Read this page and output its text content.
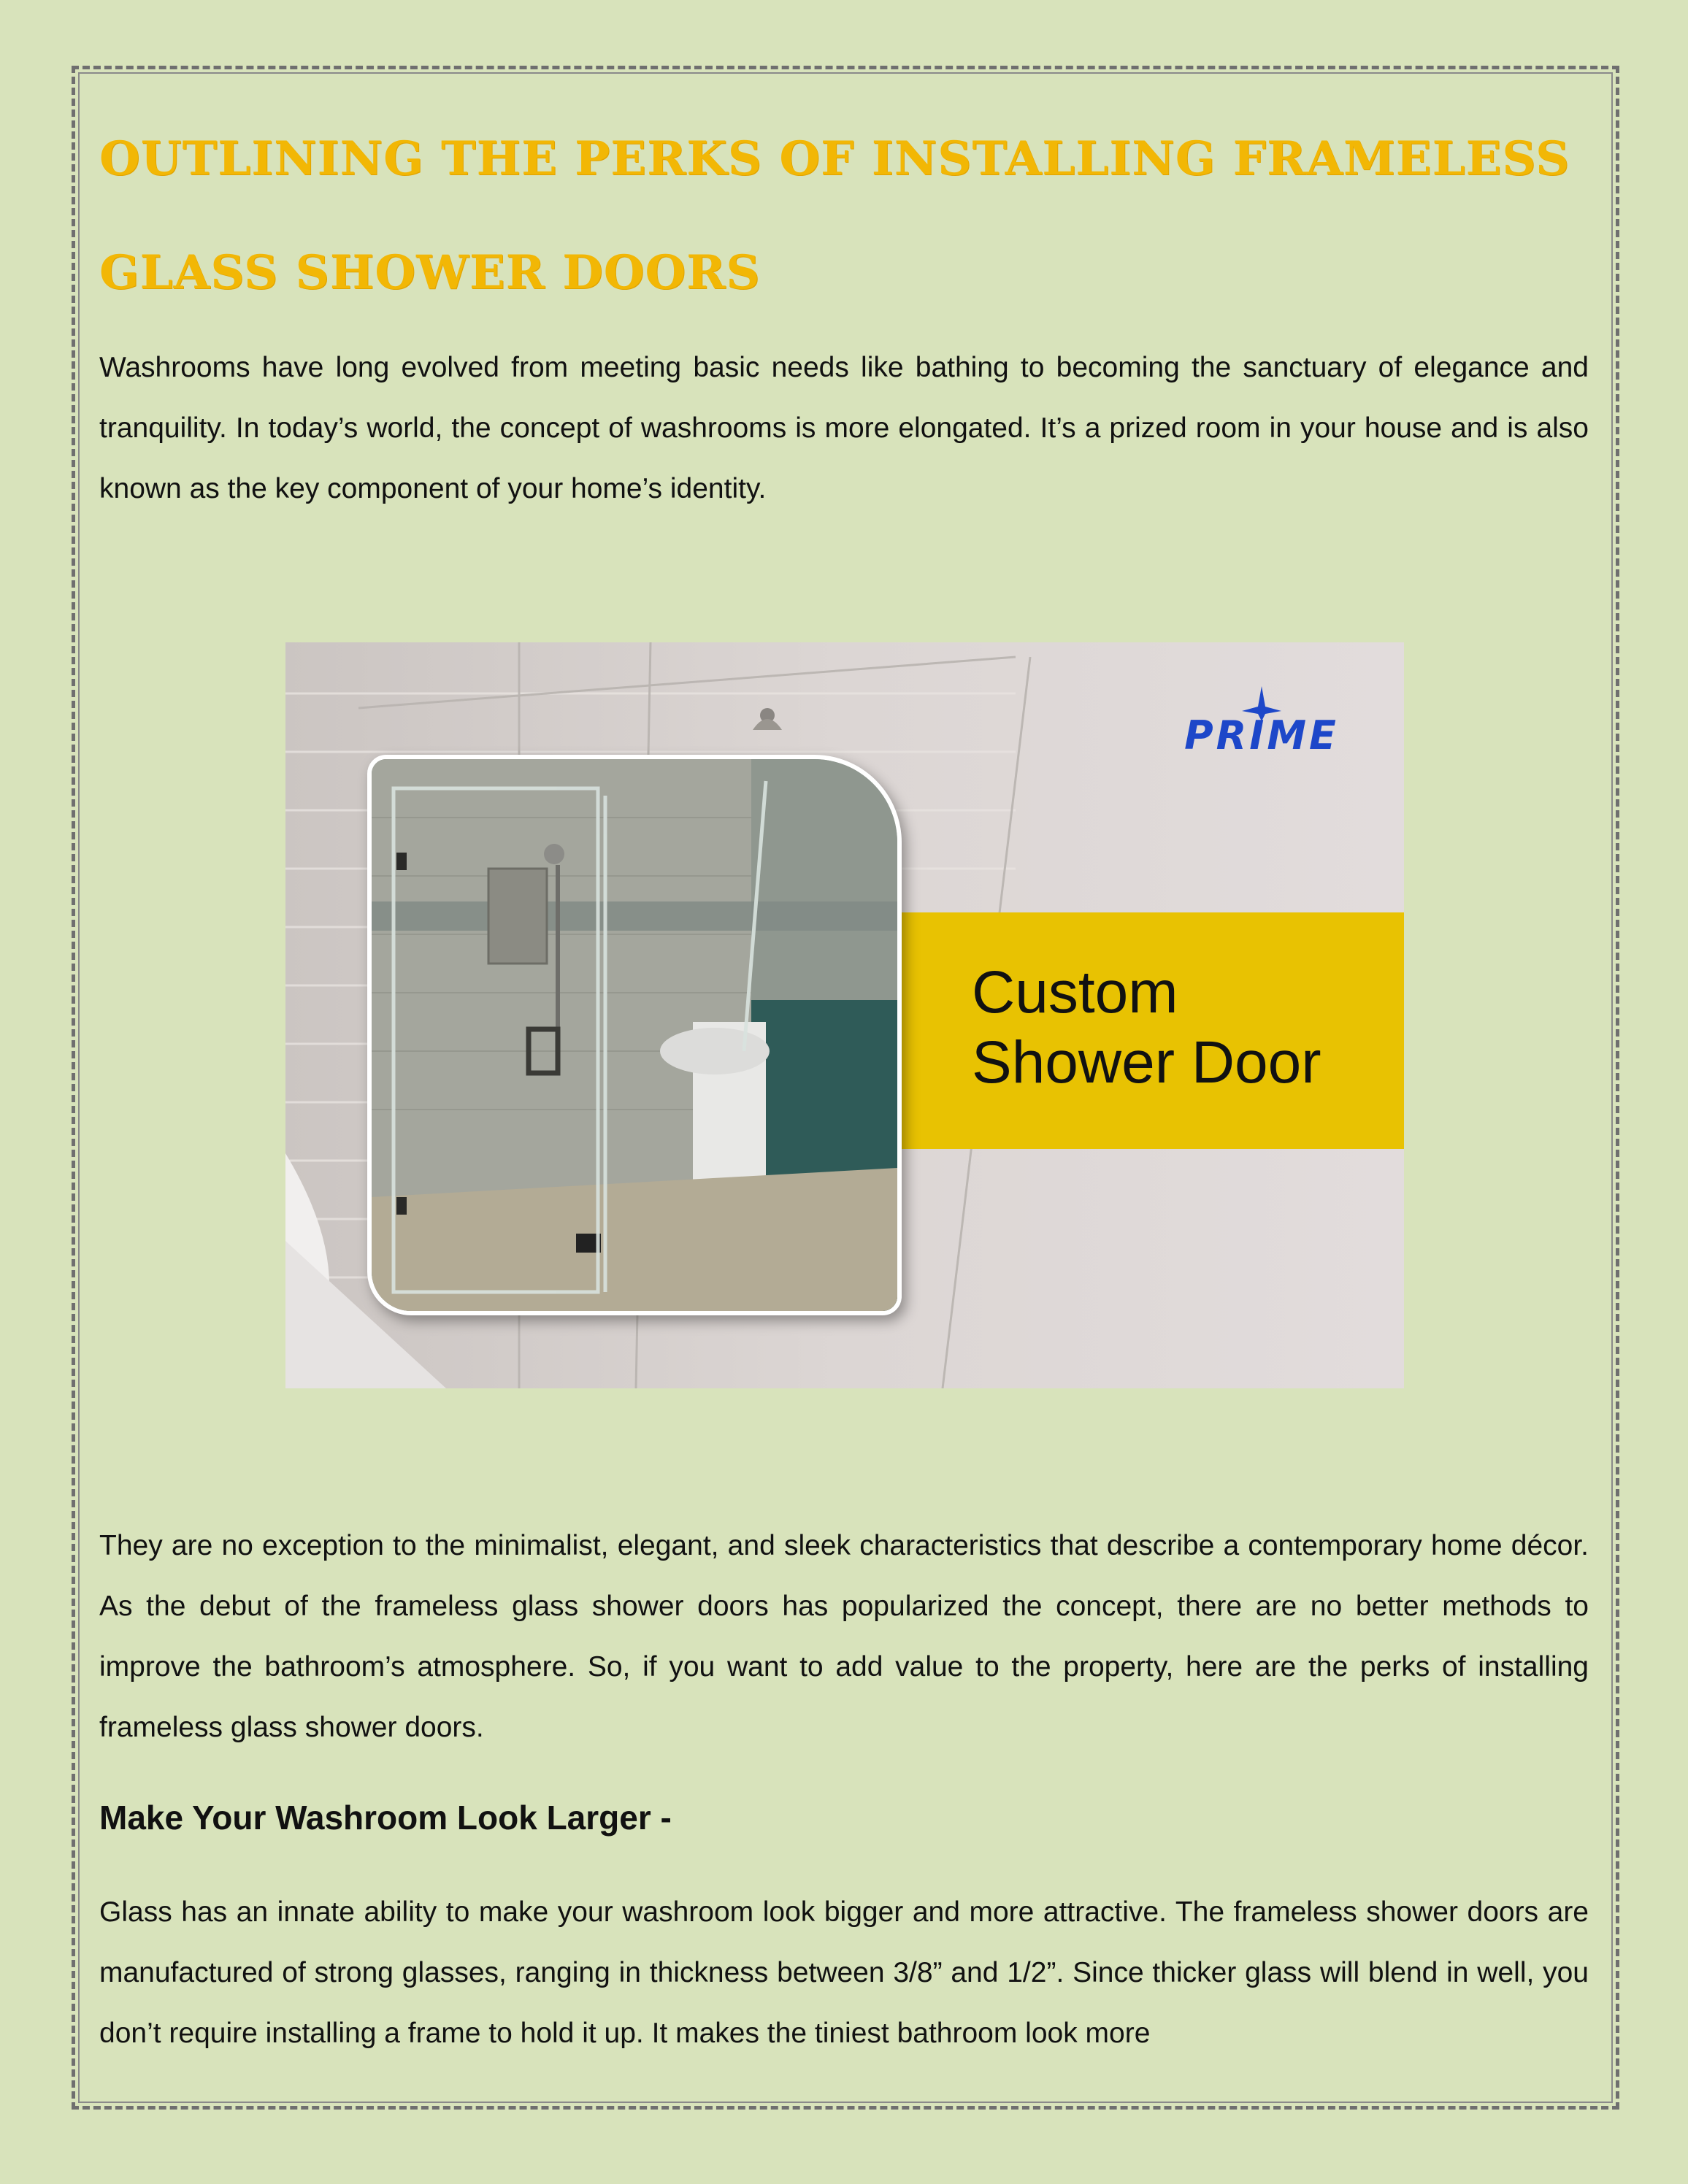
OUTLINING THE PERKS OF INSTALLING FRAMELESS GLASS SHOWER DOORS

Washrooms have long evolved from meeting basic needs like bathing to becoming the sanctuary of elegance and tranquility. In today’s world, the concept of washrooms is more elongated. It’s a prized room in your house and is also known as the key component of your home’s identity.

PRIME

Custom
Shower Door

They are no exception to the minimalist, elegant, and sleek characteristics that describe a contemporary home décor. As the debut of the frameless glass shower doors has popularized the concept, there are no better methods to improve the bathroom’s atmosphere. So, if you want to add value to the property, here are the perks of installing frameless glass shower doors.

Make Your Washroom Look Larger -

Glass has an innate ability to make your washroom look bigger and more attractive. The frameless shower doors are manufactured of strong glasses, ranging in thickness between 3/8” and 1/2”. Since thicker glass will blend in well, you don’t require installing a frame to hold it up. It makes the tiniest bathroom look more
